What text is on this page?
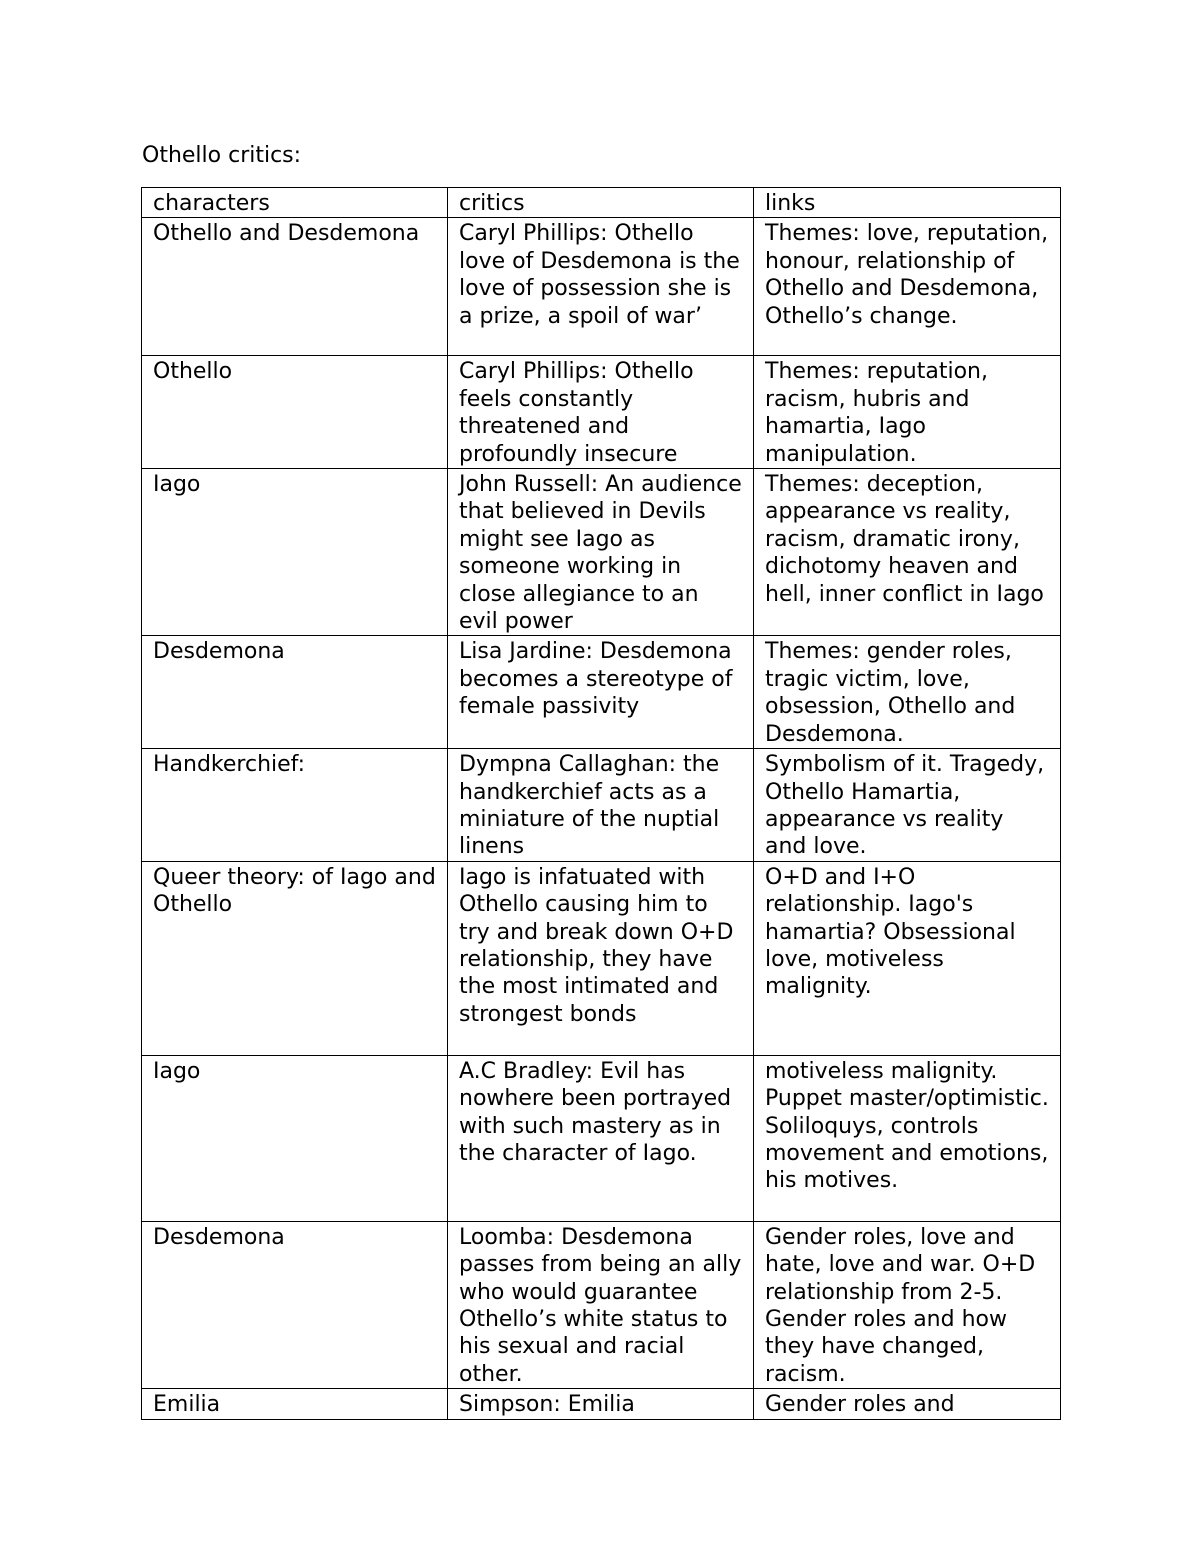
Othello critics:
characters	critics	links
Othello and Desdemona	Caryl Phillips: Othello love of Desdemona is the love of possession she is a prize, a spoil of war’	Themes: love, reputation, honour, relationship of Othello and Desdemona, Othello’s change.
Othello	Caryl Phillips: Othello feels constantly threatened and profoundly insecure	Themes: reputation, racism, hubris and hamartia, Iago manipulation.
Iago	John Russell: An audience that believed in Devils might see Iago as someone working in close allegiance to an evil power	Themes: deception, appearance vs reality, racism, dramatic irony, dichotomy heaven and hell, inner conflict in Iago
Desdemona	Lisa Jardine: Desdemona becomes a stereotype of female passivity	Themes: gender roles, tragic victim, love, obsession, Othello and Desdemona.
Handkerchief:	Dympna Callaghan: the handkerchief acts as a miniature of the nuptial linens	Symbolism of it. Tragedy, Othello Hamartia, appearance vs reality and love.
Queer theory: of Iago and Othello	Iago is infatuated with Othello causing him to try and break down O+D relationship, they have the most intimated and strongest bonds	O+D and I+O relationship. Iago's hamartia? Obsessional love, motiveless malignity.
Iago	A.C Bradley: Evil has nowhere been portrayed with such mastery as in the character of Iago.	motiveless malignity. Puppet master/optimistic. Soliloquys, controls movement and emotions, his motives.
Desdemona	Loomba: Desdemona passes from being an ally who would guarantee Othello’s white status to his sexual and racial other.	Gender roles, love and hate, love and war. O+D relationship from 2-5. Gender roles and how they have changed, racism.
Emilia	Simpson: Emilia	Gender roles and
